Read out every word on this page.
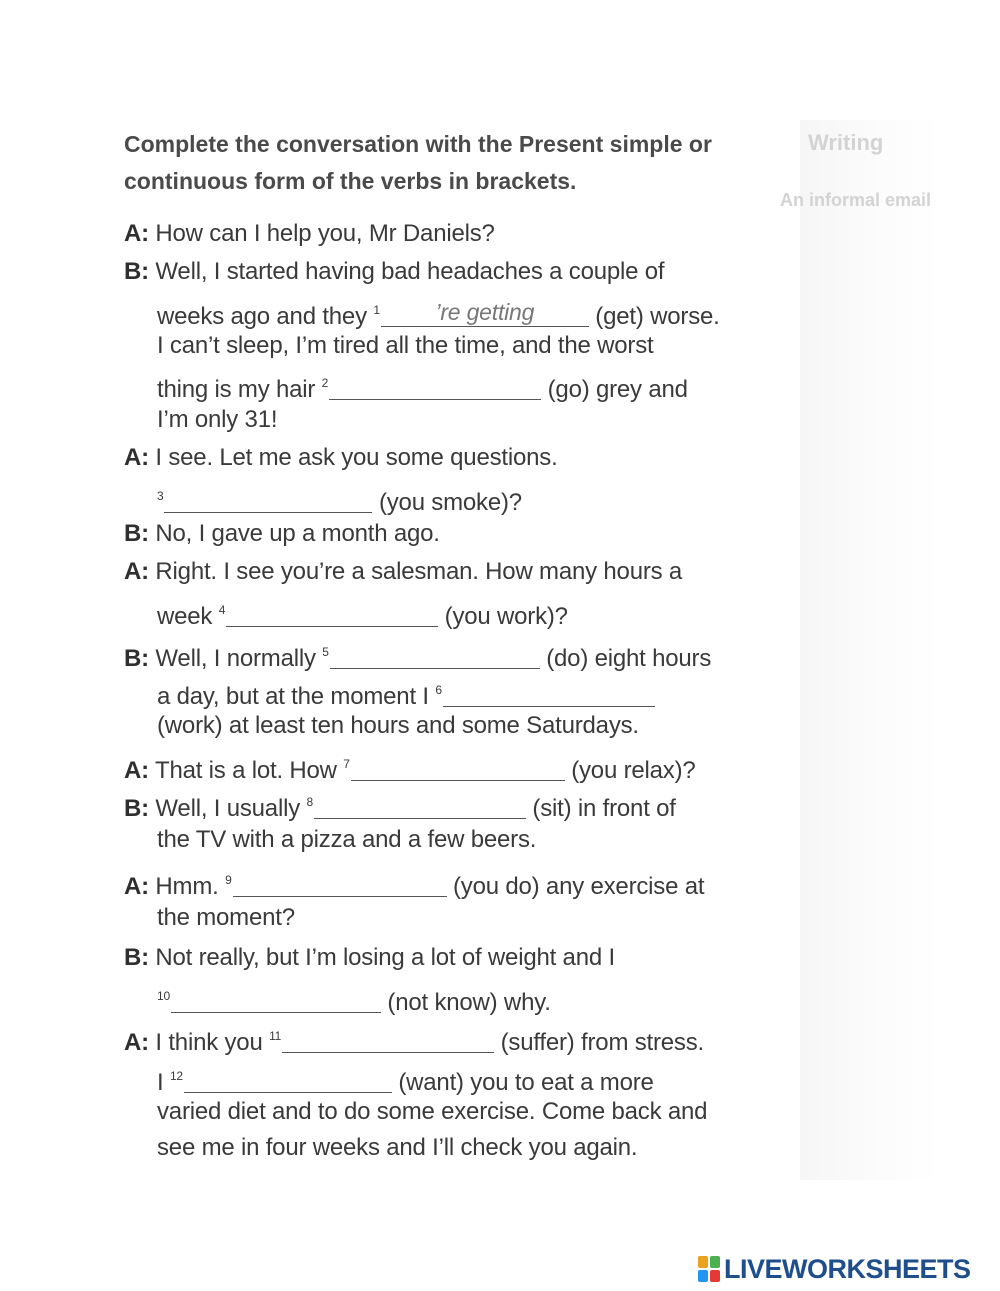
Writing
An informal email

Complete the conversation with the Present simple or continuous form of the verbs in brackets.

A: How can I help you, Mr Daniels?
B: Well, I started having bad headaches a couple of
weeks ago and they $^1$	’re getting	(get) worse.
I can’t sleep, I’m tired all the time, and the worst
thing is my hair $^2$	(go) grey and
I’m only 31!
A: I see. Let me ask you some questions.
$^3$	(you smoke)?
B: No, I gave up a month ago.
A: Right. I see you’re a salesman. How many hours a
week $^4$	(you work)?
B: Well, I normally $^5$	(do) eight hours
a day, but at the moment I $^6$
(work) at least ten hours and some Saturdays.
A: That is a lot. How $^7$	(you relax)?
B: Well, I usually $^8$	(sit) in front of
the TV with a pizza and a few beers.
A: Hmm. $^9$	(you do) any exercise at
the moment?
B: Not really, but I’m losing a lot of weight and I
$^{10}$	(not know) why.
A: I think you $^{11}$	(suffer) from stress.
I $^{12}$	(want) you to eat a more
varied diet and to do some exercise. Come back and
see me in four weeks and I’ll check you again.
LIVEWORKSHEETS
